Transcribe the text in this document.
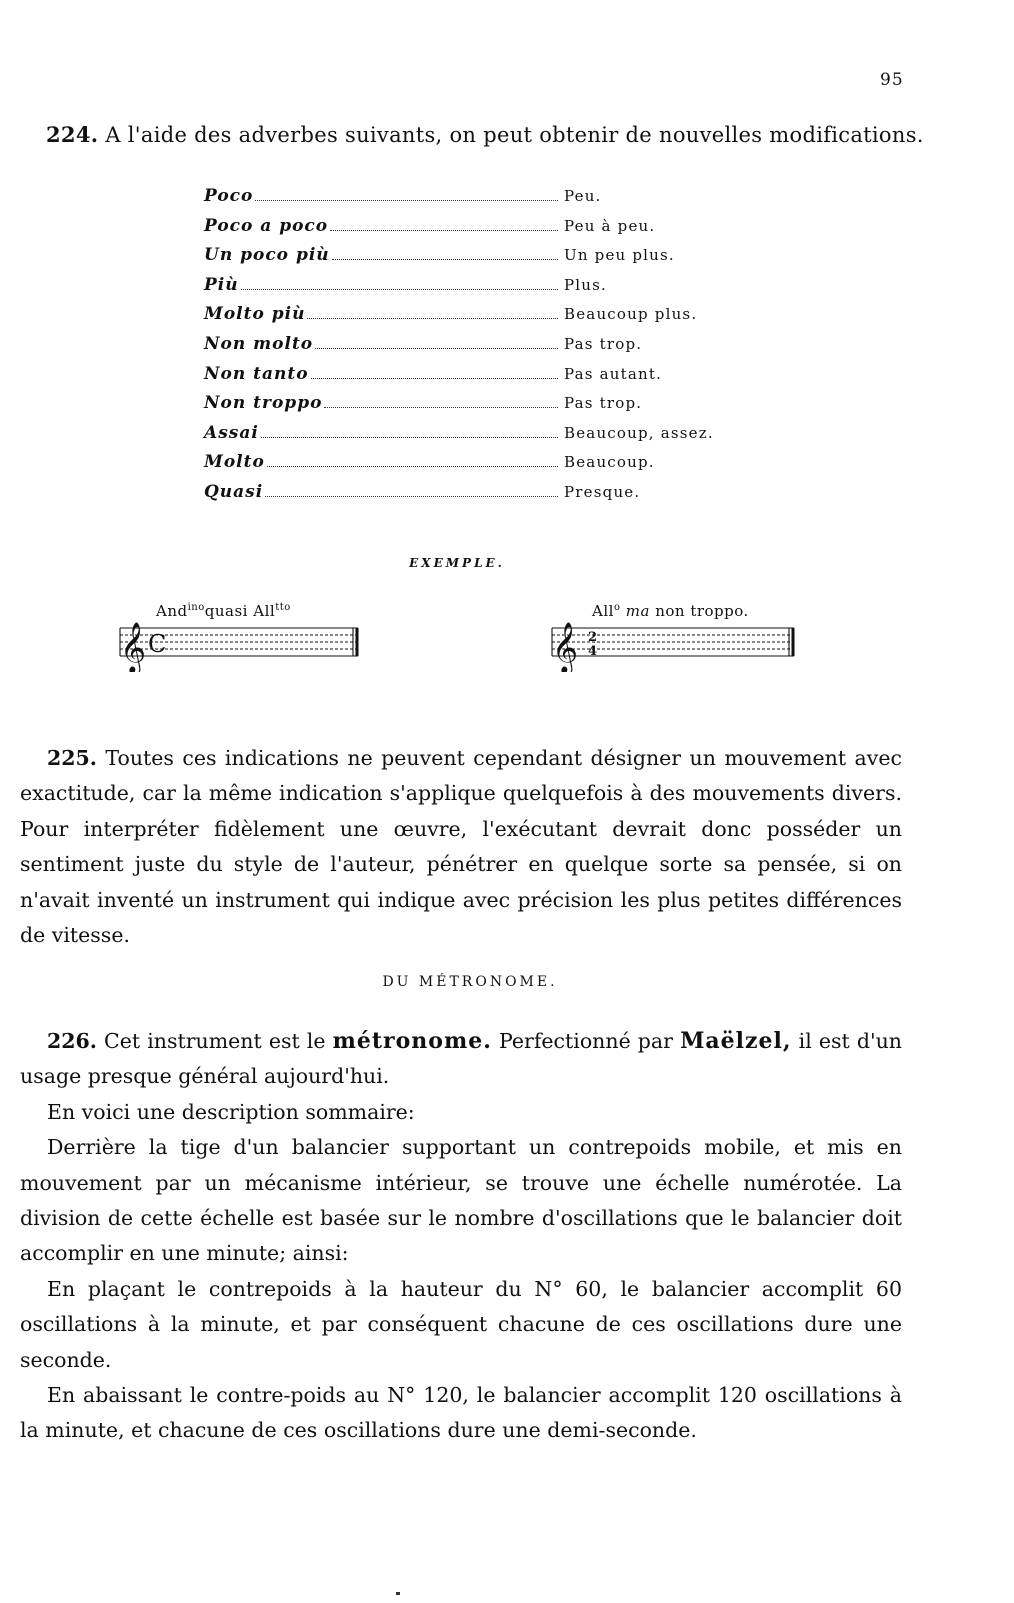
95
224. A l'aide des adverbes suivants, on peut obtenir de nouvelles modifications.
Poco	Peu.
Poco a poco	Peu à peu.
Un poco più	Un peu plus.
Più	Plus.
Molto più	Beaucoup plus.
Non molto	Pas trop.
Non tanto	Pas autant.
Non troppo	Pas trop.
Assai	Beaucoup, assez.
Molto	Beaucoup.
Quasi	Presque.
EXEMPLE.
And$^{ino}$quasi All$^{tto}$
𝄞 C
All$^o$ ma non troppo.
𝄞 2
4

225. Toutes ces indications ne peuvent cependant désigner un mouvement avec exactitude, car la même indication s'applique quelquefois à des mouvements divers. Pour interpréter fidèlement une œuvre, l'exécutant devrait donc posséder un sentiment juste du style de l'auteur, pénétrer en quelque sorte sa pensée, si on n'avait inventé un instrument qui indique avec précision les plus petites différences de vitesse.

DU MÉTRONOME.

226. Cet instrument est le métronome. Perfectionné par Maëlzel, il est d'un usage presque général aujourd'hui.

En voici une description sommaire:

Derrière la tige d'un balancier supportant un contrepoids mobile, et mis en mouvement par un mécanisme intérieur, se trouve une échelle numérotée. La division de cette échelle est basée sur le nombre d'oscillations que le balancier doit accomplir en une minute; ainsi:

En plaçant le contrepoids à la hauteur du N° 60, le balancier accomplit 60 oscillations à la minute, et par conséquent chacune de ces oscillations dure une seconde.

En abaissant le contre-poids au N° 120, le balancier accomplit 120 oscillations à la minute, et chacune de ces oscillations dure une demi-seconde.
